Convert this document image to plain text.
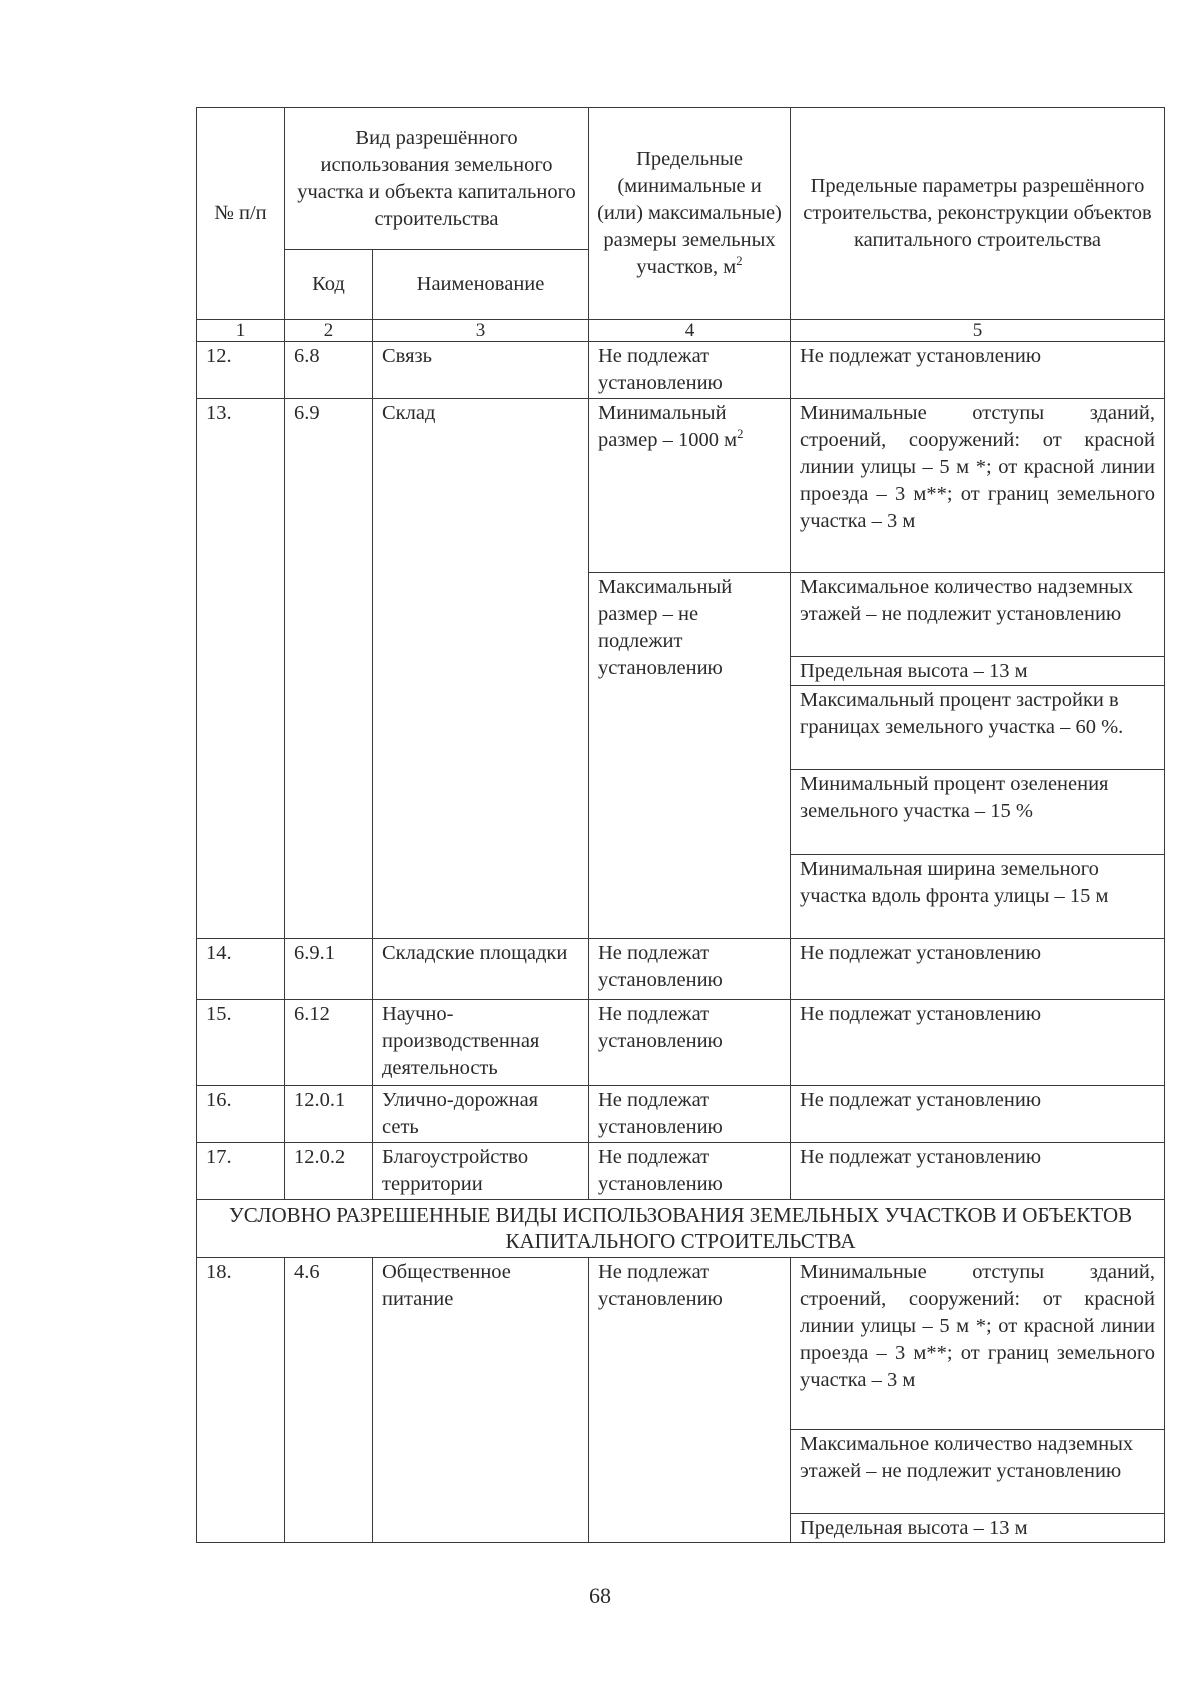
№ п/п	Вид разрешённого использования земельного участка и объекта капитального строительства		Предельные (минимальные и (или) максимальные) размеры земельных участков, $м^2$	Предельные параметры разрешённого строительства, реконструкции объектов капитального строительства
	Код	Наименование		
1	2	3	4	5
12.	6.8	Связь	Не подлежат установлению	Не подлежат установлению
13.	6.9	Склад	Минимальный размер – 1000 $м^2$	Минимальные отступы зданий, строений, сооружений: от красной линии улицы – 5 м *; от красной линии проезда – 3 м**; от границ земельного участка – 3 м
			Максимальный размер – не подлежит установлению	Максимальное количество надземных этажей – не подлежит установлению
				Предельная высота – 13 м
				Максимальный процент застройки в границах земельного участка – 60 %.
				Минимальный процент озеленения земельного участка – 15 %
				Минимальная ширина земельного участка вдоль фронта улицы – 15 м
14.	6.9.1	Складские площадки	Не подлежат установлению	Не подлежат установлению
15.	6.12	Научно-производственная деятельность	Не подлежат установлению	Не подлежат установлению
16.	12.0.1	Улично-дорожная сеть	Не подлежат установлению	Не подлежат установлению
17.	12.0.2	Благоустройство территории	Не подлежат установлению	Не подлежат установлению
УСЛОВНО РАЗРЕШЕННЫЕ ВИДЫ ИСПОЛЬЗОВАНИЯ ЗЕМЕЛЬНЫХ УЧАСТКОВ И ОБЪЕКТОВ КАПИТАЛЬНОГО СТРОИТЕЛЬСТВА				
18.	4.6	Общественное питание	Не подлежат установлению	Минимальные отступы зданий, строений, сооружений: от красной линии улицы – 5 м *; от красной линии проезда – 3 м**; от границ земельного участка – 3 м
				Максимальное количество надземных этажей – не подлежит установлению
				Предельная высота – 13 м
68
